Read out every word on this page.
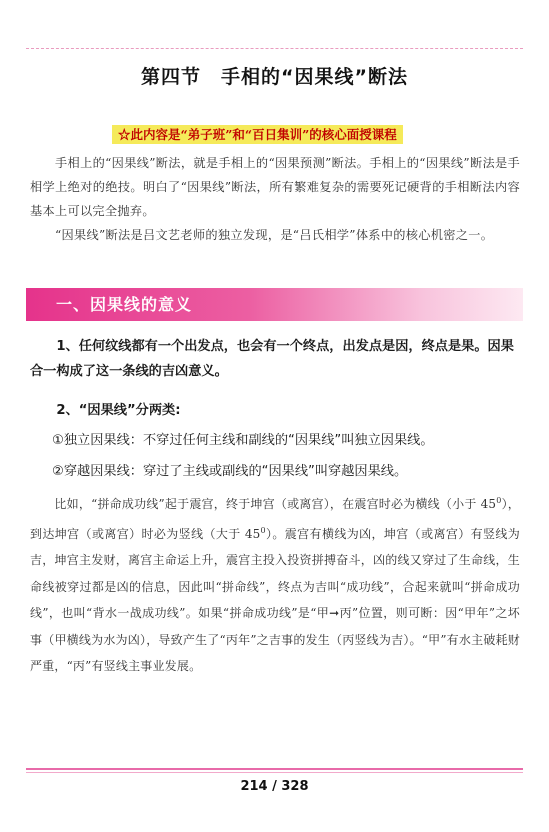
第四节　手相的“因果线”断法
☆此内容是“弟子班”和“百日集训”的核心面授课程
　　手相上的“因果线”断法，就是手相上的“因果预测”断法。手相上的“因果线”断法是手相学上绝对的绝技。明白了“因果线”断法，所有繁难复杂的需要死记硬背的手相断法内容基本上可以完全抛弃。
　　“因果线”断法是吕文艺老师的独立发现，是“吕氏相学”体系中的核心机密之一。
一、因果线的意义
　　1、任何纹线都有一个出发点，也会有一个终点，出发点是因，终点是果。因果合一构成了这一条线的吉凶意义。
　　2、“因果线”分两类:
①独立因果线：不穿过任何主线和副线的“因果线”叫独立因果线。
②穿越因果线：穿过了主线或副线的“因果线”叫穿越因果线。
　　比如，“拼命成功线”起于震宫，终于坤宫（或离宫），在震宫时必为横线（小于 $45^0$），到达坤宫（或离宫）时必为竖线（大于 $45^0$）。震宫有横线为凶，坤宫（或离宫）有竖线为吉，坤宫主发财，离宫主命运上升，震宫主投入投资拼搏奋斗，凶的线又穿过了生命线，生命线被穿过都是凶的信息，因此叫“拼命线”，终点为吉叫“成功线”，合起来就叫“拼命成功线”，也叫“背水一战成功线”。如果“拼命成功线”是“甲➞丙”位置，则可断：因“甲年”之坏事（甲横线为水为凶），导致产生了“丙年”之吉事的发生（丙竖线为吉）。“甲”有水主破耗财严重，“丙”有竖线主事业发展。
214 / 328
